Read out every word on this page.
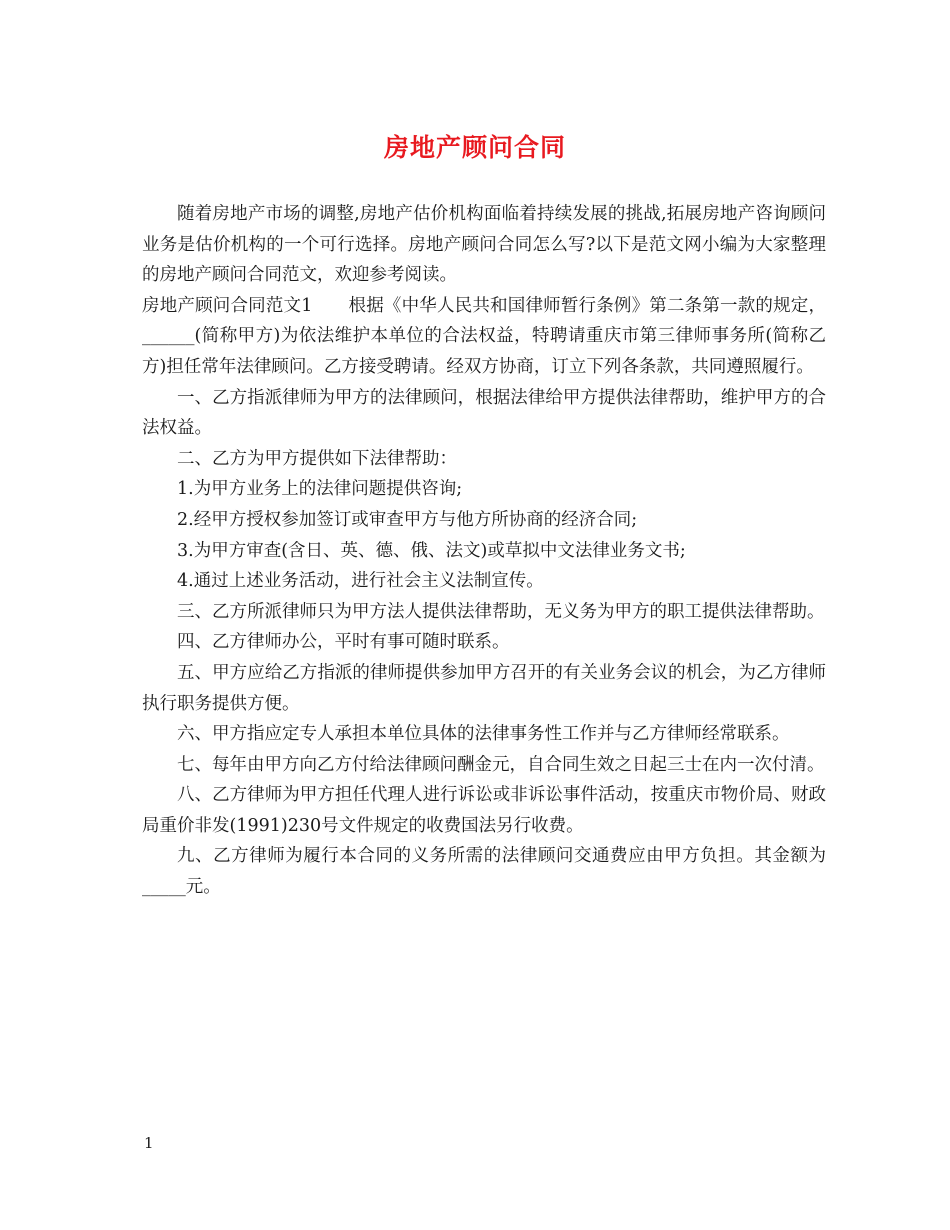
房地产顾问合同

随着房地产市场的调整,房地产估价机构面临着持续发展的挑战,拓展房地产咨询顾问业务是估价机构的一个可行选择。房地产顾问合同怎么写?以下是范文网小编为大家整理的房地产顾问合同范文，欢迎参考阅读。

房地产顾问合同范文1 根据《中华人民共和国律师暂行条例》第二条第一款的规定，______(简称甲方)为依法维护本单位的合法权益，特聘请重庆市第三律师事务所(简称乙方)担任常年法律顾问。乙方接受聘请。经双方协商，订立下列各条款，共同遵照履行。

一、乙方指派律师为甲方的法律顾问，根据法律给甲方提供法律帮助，维护甲方的合法权益。

二、乙方为甲方提供如下法律帮助：

1.为甲方业务上的法律问题提供咨询;

2.经甲方授权参加签订或审查甲方与他方所协商的经济合同;

3.为甲方审查(含日、英、德、俄、法文)或草拟中文法律业务文书;

4.通过上述业务活动，进行社会主义法制宣传。

三、乙方所派律师只为甲方法人提供法律帮助，无义务为甲方的职工提供法律帮助。

四、乙方律师办公，平时有事可随时联系。

五、甲方应给乙方指派的律师提供参加甲方召开的有关业务会议的机会，为乙方律师执行职务提供方便。

六、甲方指应定专人承担本单位具体的法律事务性工作并与乙方律师经常联系。

七、每年由甲方向乙方付给法律顾问酬金元，自合同生效之日起三士在内一次付清。

八、乙方律师为甲方担任代理人进行诉讼或非诉讼事件活动，按重庆市物价局、财政局重价非发(1991)230号文件规定的收费国法另行收费。

九、乙方律师为履行本合同的义务所需的法律顾问交通费应由甲方负担。其金额为_____元。

1
